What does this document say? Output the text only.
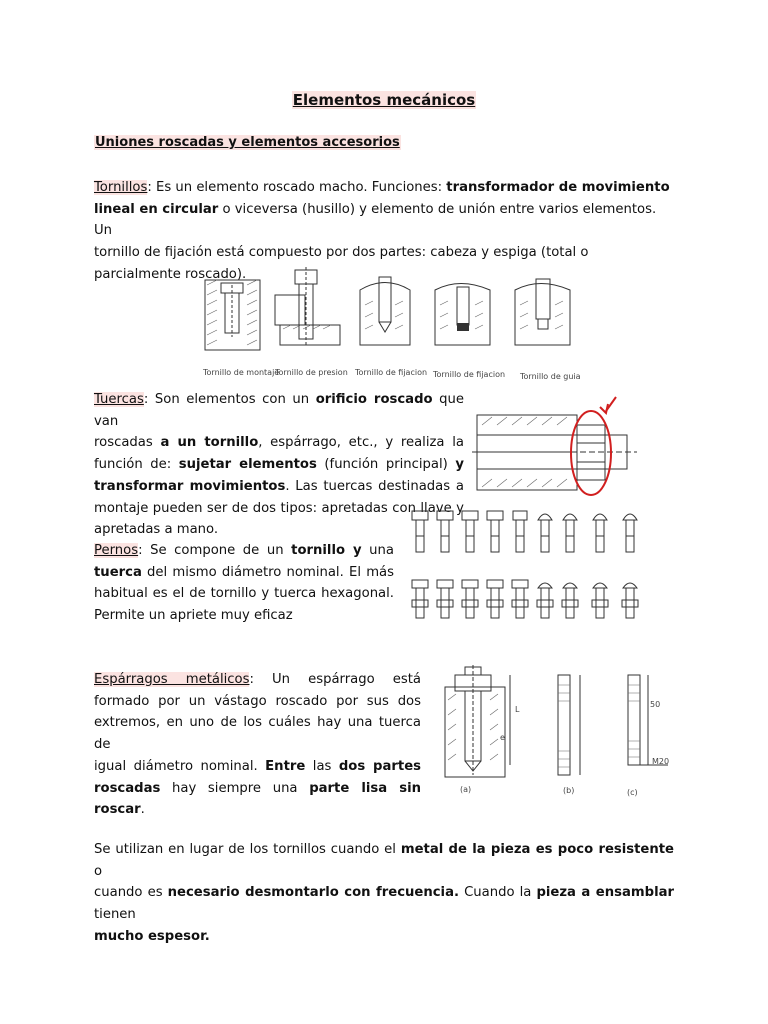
Elementos mecánicos
Uniones roscadas y elementos accesorios
Tornillos: Es un elemento roscado macho. Funciones: transformador de movimiento
lineal en circular o viceversa (husillo) y elemento de unión entre varios elementos. Un
tornillo de fijación está compuesto por dos partes: cabeza y espiga (total o
parcialmente roscado).
Tornillo de montaje
Tornillo de presion Tornillo de fijacion Tornillo de fijacion Tornillo de guia
Tuercas: Son elementos con un orificio roscado que van
roscadas a un tornillo, espárrago, etc., y realiza la
función de: sujetar elementos (función principal) y
transformar movimientos. Las tuercas destinadas a
montaje pueden ser de dos tipos: apretadas con llave y
apretadas a mano.
Pernos: Se compone de un tornillo y una
tuerca del mismo diámetro nominal. El más
habitual es el de tornillo y tuerca hexagonal.
Permite un apriete muy eficaz
Espárragos metálicos: Un espárrago está
formado por un vástago roscado por sus dos
extremos, en uno de los cuáles hay una tuerca de
igual diámetro nominal. Entre las dos partes
roscadas hay siempre una parte lisa sin roscar.
(a)	(b)	(c)
M20
L
e
50
Se utilizan en lugar de los tornillos cuando el metal de la pieza es poco resistente o
cuando es necesario desmontarlo con frecuencia. Cuando la pieza a ensamblar tienen
mucho espesor.
